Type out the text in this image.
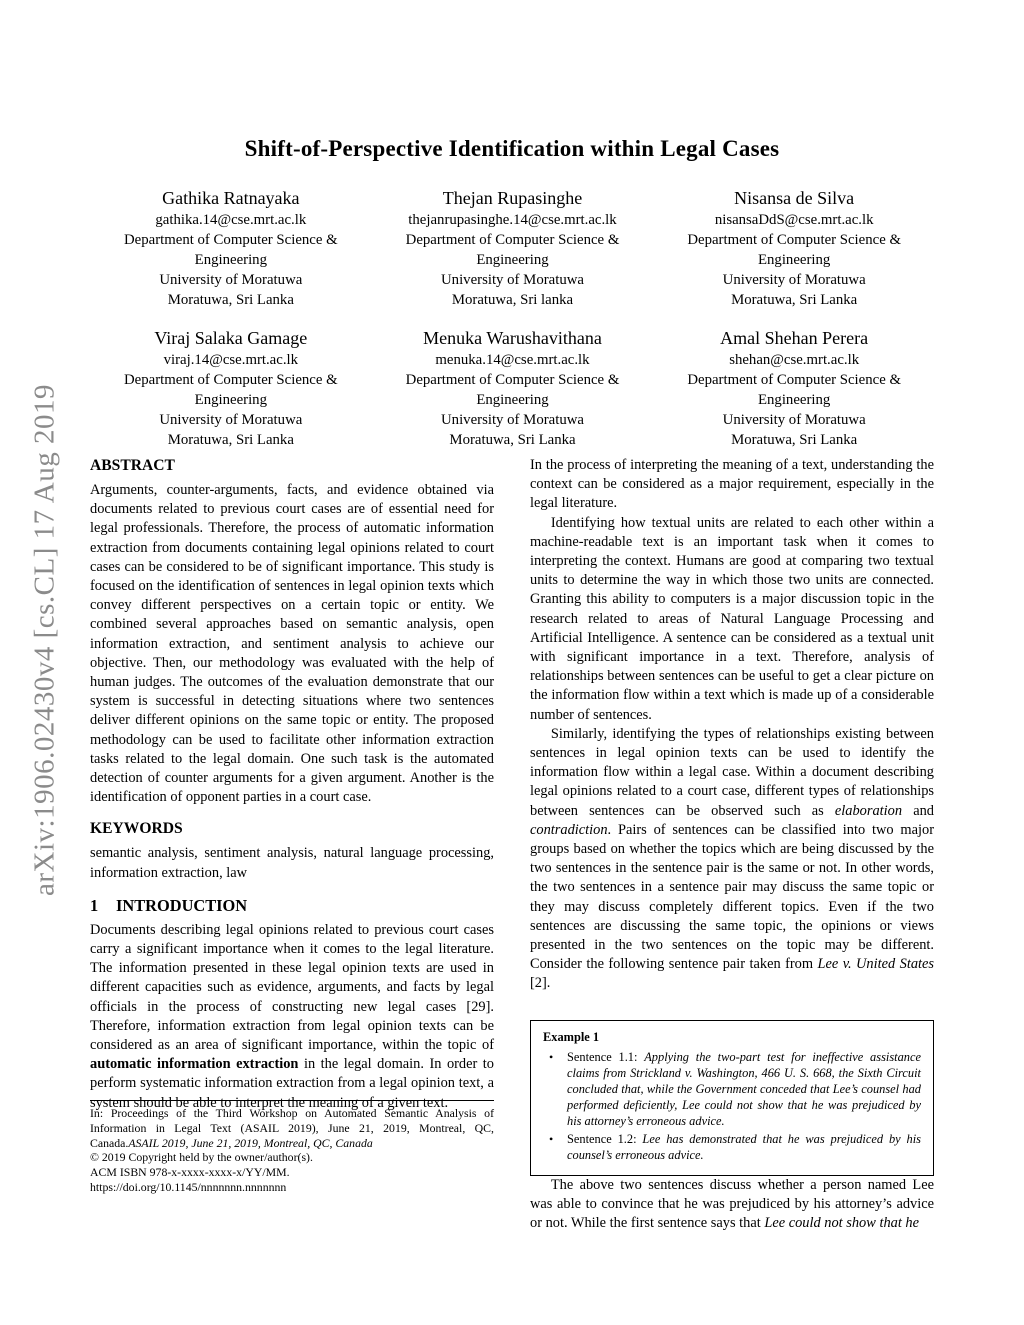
arXiv:1906.02430v4 [cs.CL] 17 Aug 2019
Shift-of-Perspective Identification within Legal Cases
Gathika Ratnayaka
gathika.14@cse.mrt.ac.lk
Department of Computer Science &
Engineering
University of Moratuwa
Moratuwa, Sri Lanka
Thejan Rupasinghe
thejanrupasinghe.14@cse.mrt.ac.lk
Department of Computer Science &
Engineering
University of Moratuwa
Moratuwa, Sri lanka
Nisansa de Silva
nisansaDdS@cse.mrt.ac.lk
Department of Computer Science &
Engineering
University of Moratuwa
Moratuwa, Sri Lanka
Viraj Salaka Gamage
viraj.14@cse.mrt.ac.lk
Department of Computer Science &
Engineering
University of Moratuwa
Moratuwa, Sri Lanka
Menuka Warushavithana
menuka.14@cse.mrt.ac.lk
Department of Computer Science &
Engineering
University of Moratuwa
Moratuwa, Sri Lanka
Amal Shehan Perera
shehan@cse.mrt.ac.lk
Department of Computer Science &
Engineering
University of Moratuwa
Moratuwa, Sri Lanka
ABSTRACT

Arguments, counter-arguments, facts, and evidence obtained via documents related to previous court cases are of essential need for legal professionals. Therefore, the process of automatic information extraction from documents containing legal opinions related to court cases can be considered to be of significant importance. This study is focused on the identification of sentences in legal opinion texts which convey different perspectives on a certain topic or entity. We combined several approaches based on semantic analysis, open information extraction, and sentiment analysis to achieve our objective. Then, our methodology was evaluated with the help of human judges. The outcomes of the evaluation demonstrate that our system is successful in detecting situations where two sentences deliver different opinions on the same topic or entity. The proposed methodology can be used to facilitate other information extraction tasks related to the legal domain. One such task is the automated detection of counter arguments for a given argument. Another is the identification of opponent parties in a court case.

KEYWORDS

semantic analysis, sentiment analysis, natural language processing, information extraction, law

1 INTRODUCTION

Documents describing legal opinions related to previous court cases carry a significant importance when it comes to the legal literature. The information presented in these legal opinion texts are used in different capacities such as evidence, arguments, and facts by legal officials in the process of constructing new legal cases [29]. Therefore, information extraction from legal opinion texts can be considered as an area of significant importance, within the topic of automatic information extraction in the legal domain. In order to perform systematic information extraction from a legal opinion text, a system should be able to interpret the meaning of a given text.

In the process of interpreting the meaning of a text, understanding the context can be considered as a major requirement, especially in the legal literature.

Identifying how textual units are related to each other within a machine-readable text is an important task when it comes to interpreting the context. Humans are good at comparing two textual units to determine the way in which those two units are connected. Granting this ability to computers is a major discussion topic in the research related to areas of Natural Language Processing and Artificial Intelligence. A sentence can be considered as a textual unit with significant importance in a text. Therefore, analysis of relationships between sentences can be useful to get a clear picture on the information flow within a text which is made up of a considerable number of sentences.

Similarly, identifying the types of relationships existing between sentences in legal opinion texts can be used to identify the information flow within a legal case. Within a document describing legal opinions related to a court case, different types of relationships between sentences can be observed such as elaboration and contradiction. Pairs of sentences can be classified into two major groups based on whether the topics which are being discussed by the two sentences in the sentence pair is the same or not. In other words, the two sentences in a sentence pair may discuss the same topic or they may discuss completely different topics. Even if the two sentences are discussing the same topic, the opinions or views presented in the two sentences on the topic may be different. Consider the following sentence pair taken from Lee v. United States [2].

Example 1
• Sentence 1.1: Applying the two-part test for ineffective assistance claims from Strickland v. Washington, 466 U. S. 668, the Sixth Circuit concluded that, while the Government conceded that Lee’s counsel had performed deficiently, Lee could not show that he was prejudiced by his attorney’s erroneous advice.
• Sentence 1.2: Lee has demonstrated that he was prejudiced by his counsel’s erroneous advice.

The above two sentences discuss whether a person named Lee was able to convince that he was prejudiced by his attorney’s advice or not. While the first sentence says that Lee could not show that he

In: Proceedings of the Third Workshop on Automated Semantic Analysis of Information in Legal Text (ASAIL 2019), June 21, 2019, Montreal, QC, Canada.ASAIL 2019, June 21, 2019, Montreal, QC, Canada

© 2019 Copyright held by the owner/author(s).

ACM ISBN 978-x-xxxx-xxxx-x/YY/MM.

https://doi.org/10.1145/nnnnnnn.nnnnnnn
